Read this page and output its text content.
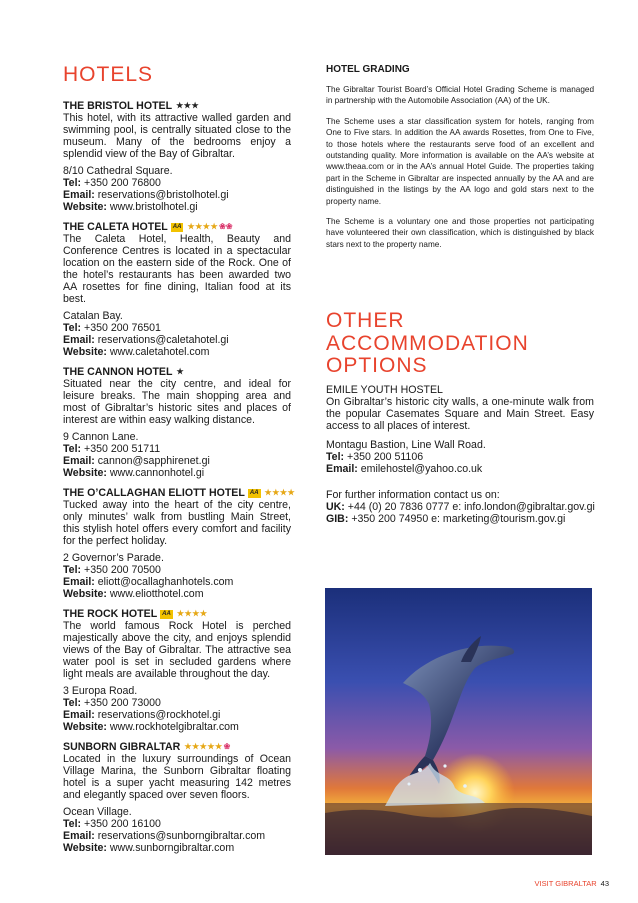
HOTELS
THE BRISTOL HOTEL ★★★

This hotel, with its attractive walled garden and swimming pool, is centrally situated close to the museum. Many of the bedrooms enjoy a splendid view of the Bay of Gibraltar.

8/10 Cathedral Square.
Tel: +350 200 76800
Email: reservations@bristolhotel.gi
Website: www.bristolhotel.gi
THE CALETA HOTEL AA ★★★★ ❀❀

The Caleta Hotel, Health, Beauty and Conference Centres is located in a spectacular location on the eastern side of the Rock. One of the hotel’s restaurants has been awarded two AA rosettes for fine dining, Italian food at its best.

Catalan Bay.
Tel: +350 200 76501
Email: reservations@caletahotel.gi
Website: www.caletahotel.com
THE CANNON HOTEL ★

Situated near the city centre, and ideal for leisure breaks. The main shopping area and most of Gibraltar’s historic sites and places of interest are within easy walking distance.

9 Cannon Lane.
Tel: +350 200 51711
Email: cannon@sapphirenet.gi
Website: www.cannonhotel.gi
THE O’CALLAGHAN ELIOTT HOTEL AA ★★★★

Tucked away into the heart of the city centre, only minutes’ walk from bustling Main Street, this stylish hotel offers every comfort and facility for the perfect holiday.

2 Governor’s Parade.
Tel: +350 200 70500
Email: eliott@ocallaghanhotels.com
Website: www.eliotthotel.com
THE ROCK HOTEL AA ★★★★

The world famous Rock Hotel is perched majestically above the city, and enjoys splendid views of the Bay of Gibraltar. The attractive sea water pool is set in secluded gardens where light meals are available throughout the day.

3 Europa Road.
Tel: +350 200 73000
Email: reservations@rockhotel.gi
Website: www.rockhotelgibraltar.com
SUNBORN GIBRALTAR ★★★★★ ❀

Located in the luxury surroundings of Ocean Village Marina, the Sunborn Gibraltar floating hotel is a super yacht measuring 142 metres and elegantly spaced over seven floors.

Ocean Village.
Tel: +350 200 16100
Email: reservations@sunborngibraltar.com
Website: www.sunborngibraltar.com
HOTEL GRADING

The Gibraltar Tourist Board’s Official Hotel Grading Scheme is managed in partnership with the Automobile Association (AA) of the UK.

The Scheme uses a star classification system for hotels, ranging from One to Five stars. In addition the AA awards Rosettes, from One to Five, to those hotels where the restaurants serve food of an excellent and outstanding quality. More information is available on the AA’s website at www.theaa.com or in the AA’s annual Hotel Guide. The properties taking part in the Scheme in Gibraltar are inspected annually by the AA and are distinguished in the listings by the AA logo and gold stars next to the property name.

The Scheme is a voluntary one and those properties not participating have volunteered their own classification, which is distinguished by black stars next to the property name.

OTHER
ACCOMMODATION
OPTIONS
EMILE YOUTH HOSTEL

On Gibraltar’s historic city walls, a one-minute walk from the popular Casemates Square and Main Street. Easy access to all places of interest.

Montagu Bastion, Line Wall Road.
Tel: +350 200 51106
Email: emilehostel@yahoo.co.uk
For further information contact us on:
UK: +44 (0) 20 7836 0777 e: info.london@gibraltar.gov.gi
GIB: +350 200 74950 e: marketing@tourism.gov.gi
VISIT GIBRALTAR 43
